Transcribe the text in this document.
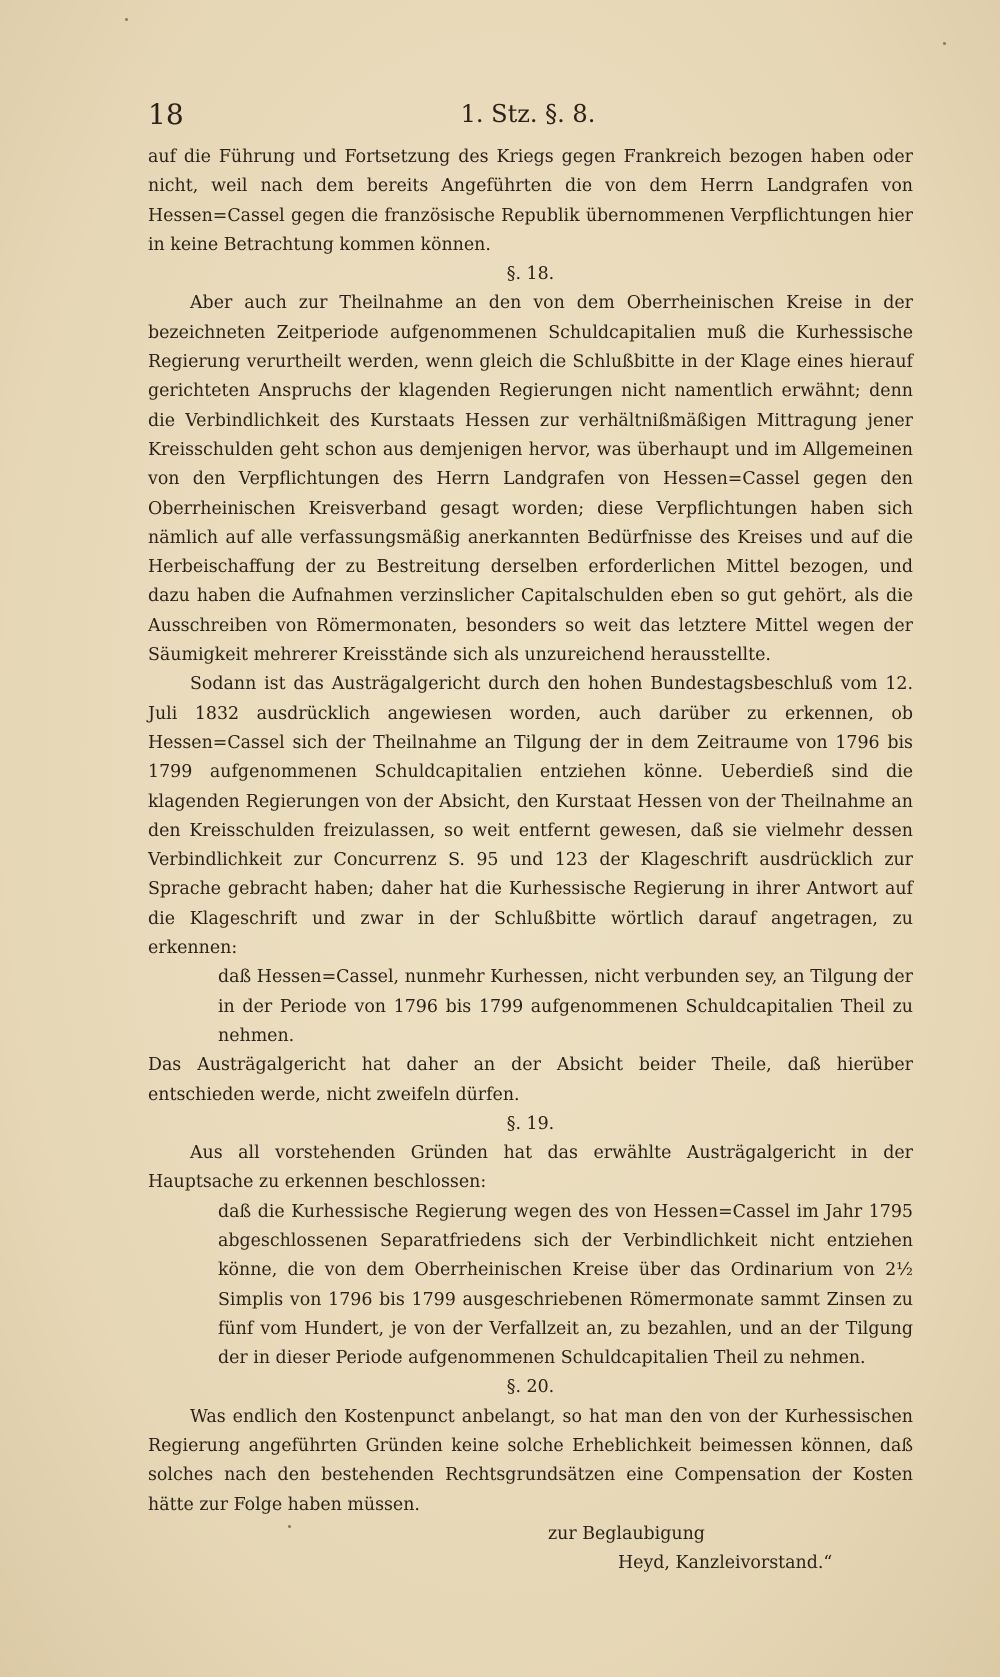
18	1. Stz. §. 8.

auf die Führung und Fortsetzung des Kriegs gegen Frankreich bezogen haben oder nicht, weil nach dem bereits Angeführten die von dem Herrn Landgrafen von Hessen=Cassel gegen die französische Republik übernommenen Verpflichtungen hier in keine Betrachtung kommen können.

§. 18.

Aber auch zur Theilnahme an den von dem Oberrheinischen Kreise in der bezeichneten Zeitperiode aufgenommenen Schuldcapitalien muß die Kurhessische Regierung verurtheilt werden, wenn gleich die Schlußbitte in der Klage eines hierauf gerichteten Anspruchs der klagenden Regierungen nicht namentlich erwähnt; denn die Verbindlichkeit des Kurstaats Hessen zur verhältnißmäßigen Mittragung jener Kreisschulden geht schon aus demjenigen hervor, was überhaupt und im Allgemeinen von den Verpflichtungen des Herrn Landgrafen von Hessen=Cassel gegen den Oberrheinischen Kreisverband gesagt worden; diese Verpflichtungen haben sich nämlich auf alle verfassungsmäßig anerkannten Bedürfnisse des Kreises und auf die Herbeischaffung der zu Bestreitung derselben erforderlichen Mittel bezogen, und dazu haben die Aufnahmen verzinslicher Capitalschulden eben so gut gehört, als die Ausschreiben von Römermonaten, besonders so weit das letztere Mittel wegen der Säumigkeit mehrerer Kreisstände sich als unzureichend herausstellte.

Sodann ist das Austrägalgericht durch den hohen Bundestagsbeschluß vom 12. Juli 1832 ausdrücklich angewiesen worden, auch darüber zu erkennen, ob Hessen=Cassel sich der Theilnahme an Tilgung der in dem Zeitraume von 1796 bis 1799 aufgenommenen Schuldcapitalien entziehen könne. Ueberdieß sind die klagenden Regierungen von der Absicht, den Kurstaat Hessen von der Theilnahme an den Kreisschulden freizulassen, so weit entfernt gewesen, daß sie vielmehr dessen Verbindlichkeit zur Concurrenz S. 95 und 123 der Klageschrift ausdrücklich zur Sprache gebracht haben; daher hat die Kurhessische Regierung in ihrer Antwort auf die Klageschrift und zwar in der Schlußbitte wörtlich darauf angetragen, zu erkennen:

daß Hessen=Cassel, nunmehr Kurhessen, nicht verbunden sey, an Tilgung der in der Periode von 1796 bis 1799 aufgenommenen Schuldcapitalien Theil zu nehmen.

Das Austrägalgericht hat daher an der Absicht beider Theile, daß hierüber entschieden werde, nicht zweifeln dürfen.

§. 19.

Aus all vorstehenden Gründen hat das erwählte Austrägalgericht in der Hauptsache zu erkennen beschlossen:

daß die Kurhessische Regierung wegen des von Hessen=Cassel im Jahr 1795 abgeschlossenen Separatfriedens sich der Verbindlichkeit nicht entziehen könne, die von dem Oberrheinischen Kreise über das Ordinarium von 2½ Simplis von 1796 bis 1799 ausgeschriebenen Römermonate sammt Zinsen zu fünf vom Hundert, je von der Verfallzeit an, zu bezahlen, und an der Tilgung der in dieser Periode aufgenommenen Schuldcapitalien Theil zu nehmen.

§. 20.

Was endlich den Kostenpunct anbelangt, so hat man den von der Kurhessischen Regierung angeführten Gründen keine solche Erheblichkeit beimessen können, daß solches nach den bestehenden Rechtsgrundsätzen eine Compensation der Kosten hätte zur Folge haben müssen.

zur Beglaubigung

Heyd, Kanzleivorstand.“
